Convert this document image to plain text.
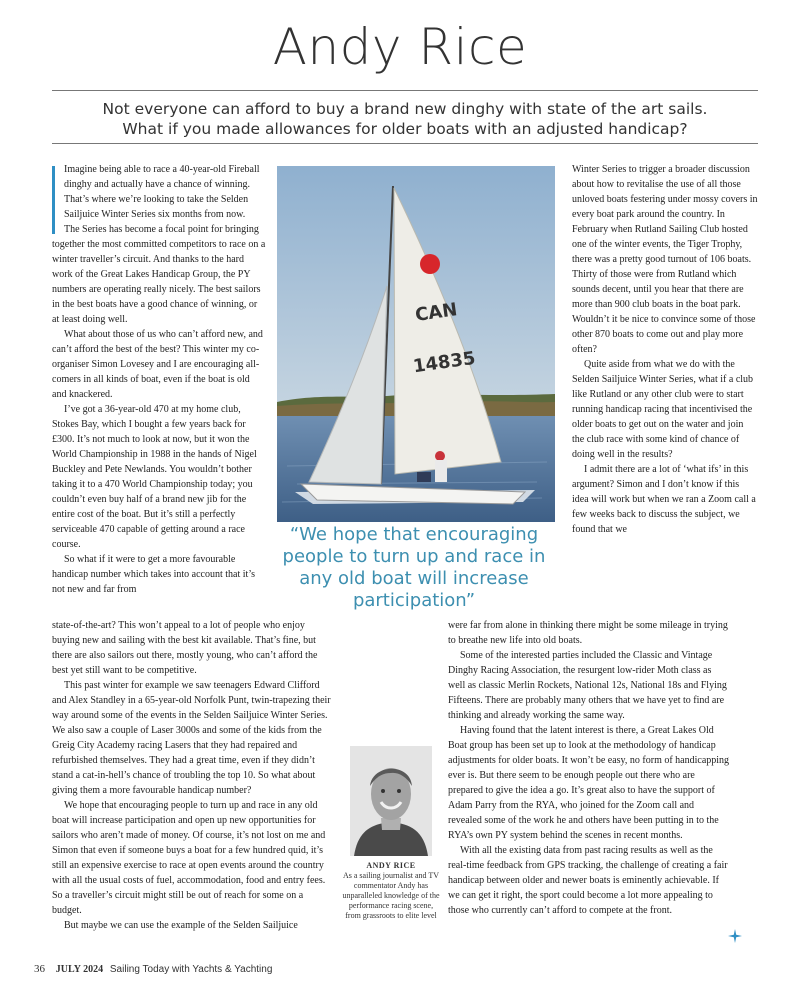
Andy Rice
Not everyone can afford to buy a brand new dinghy with state of the art sails.
What if you made allowances for older boats with an adjusted handicap?

Imagine being able to race a 40-year-old Fireball dinghy and actually have a chance of winning. That’s where we’re looking to take the Selden Sailjuice Winter Series six months from now.

The Series has become a focal point for bringing together the most committed competitors to race on a winter traveller’s circuit. And thanks to the hard work of the Great Lakes Handicap Group, the PY numbers are operating really nicely. The best sailors in the best boats have a good chance of winning, or at least doing well.

What about those of us who can’t afford new, and can’t afford the best of the best? This winter my co-organiser Simon Lovesey and I are encouraging all-comers in all kinds of boat, even if the boat is old and knackered.

I’ve got a 36-year-old 470 at my home club, Stokes Bay, which I bought a few years back for £300. It’s not much to look at now, but it won the World Championship in 1988 in the hands of Nigel Buckley and Pete Newlands. You wouldn’t bother taking it to a 470 World Championship today; you couldn’t even buy half of a brand new jib for the entire cost of the boat. But it’s still a perfectly serviceable 470 capable of getting around a race course.

So what if it were to get a more favourable handicap number which takes into account that it’s not new and far from

state-of-the-art? This won’t appeal to a lot of people who enjoy buying new and sailing with the best kit available. That’s fine, but there are also sailors out there, mostly young, who can’t afford the best yet still want to be competitive.

This past winter for example we saw teenagers Edward Clifford and Alex Standley in a 65-year-old Norfolk Punt, twin-trapezing their way around some of the events in the Selden Sailjuice Winter Series. We also saw a couple of Laser 3000s and some of the kids from the Greig City Academy racing Lasers that they had repaired and refurbished themselves. They had a great time, even if they didn’t stand a cat-in-hell’s chance of troubling the top 10. So what about giving them a more favourable handicap number?

We hope that encouraging people to turn up and race in any old boat will increase participation and open up new opportunities for sailors who aren’t made of money. Of course, it’s not lost on me and Simon that even if someone buys a boat for a few hundred quid, it’s still an expensive exercise to race at open events around the country with all the usual costs of fuel, accommodation, food and entry fees. So a traveller’s circuit might still be out of reach for some on a budget.

But maybe we can use the example of the Selden Sailjuice

CAN
14835
“We hope that encouraging people to turn up and race in any old boat will increase participation”

Winter Series to trigger a broader discussion about how to revitalise the use of all those unloved boats festering under mossy covers in every boat park around the country. In February when Rutland Sailing Club hosted one of the winter events, the Tiger Trophy, there was a pretty good turnout of 106 boats. Thirty of those were from Rutland which sounds decent, until you hear that there are more than 900 club boats in the boat park. Wouldn’t it be nice to convince some of those other 870 boats to come out and play more often?

Quite aside from what we do with the Selden Sailjuice Winter Series, what if a club like Rutland or any other club were to start running handicap racing that incentivised the older boats to get out on the water and join the club race with some kind of chance of doing well in the results?

I admit there are a lot of ‘what ifs’ in this argument? Simon and I don’t know if this idea will work but when we ran a Zoom call a few weeks back to discuss the subject, we found that we

were far from alone in thinking there might be some mileage in trying to breathe new life into old boats.

Some of the interested parties included the Classic and Vintage Dinghy Racing Association, the resurgent low-rider Moth class as well as classic Merlin Rockets, National 12s, National 18s and Flying Fifteens. There are probably many others that we have yet to find are thinking and already working the same way.

Having found that the latent interest is there, a Great Lakes Old Boat group has been set up to look at the methodology of handicap adjustments for older boats. It won’t be easy, no form of handicapping ever is. But there seem to be enough people out there who are prepared to give the idea a go. It’s great also to have the support of Adam Parry from the RYA, who joined for the Zoom call and revealed some of the work he and others have been putting in to the RYA’s own PY system behind the scenes in recent months.

With all the existing data from past racing results as well as the real-time feedback from GPS tracking, the challenge of creating a fair handicap between older and newer boats is eminently achievable. If we can get it right, the sport could become a lot more appealing to those who currently can’t afford to compete at the front.

ANDY RICE
As a sailing journalist and TV commentator Andy has unparalleled knowledge of the performance racing scene, from grassroots to elite level
36 JULY 2024 Sailing Today with Yachts & Yachting
